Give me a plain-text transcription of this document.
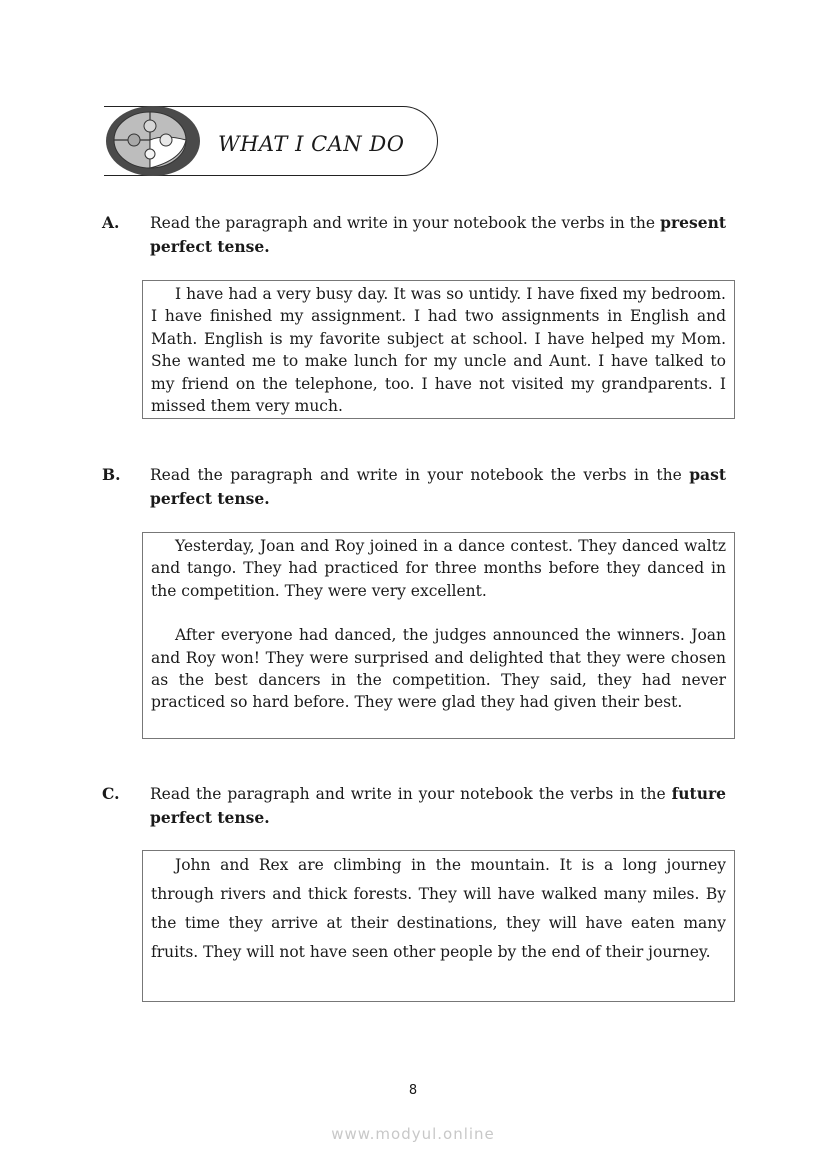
WHAT I CAN DO
A. Read the paragraph and write in your notebook the verbs in the present perfect tense.

I have had a very busy day. It was so untidy. I have fixed my bedroom. I have finished my assignment. I had two assignments in English and Math. English is my favorite subject at school. I have helped my Mom. She wanted me to make lunch for my uncle and Aunt. I have talked to my friend on the telephone, too. I have not visited my grandparents. I missed them very much.

B. Read the paragraph and write in your notebook the verbs in the past perfect tense.

Yesterday, Joan and Roy joined in a dance contest. They danced waltz and tango. They had practiced for three months before they danced in the competition. They were very excellent.

After everyone had danced, the judges announced the winners. Joan and Roy won! They were surprised and delighted that they were chosen as the best dancers in the competition. They said, they had never practiced so hard before. They were glad they had given their best.

C. Read the paragraph and write in your notebook the verbs in the future perfect tense.

John and Rex are climbing in the mountain. It is a long journey through rivers and thick forests. They will have walked many miles. By the time they arrive at their destinations, they will have eaten many fruits. They will not have seen other people by the end of their journey.

8
www.modyul.online
